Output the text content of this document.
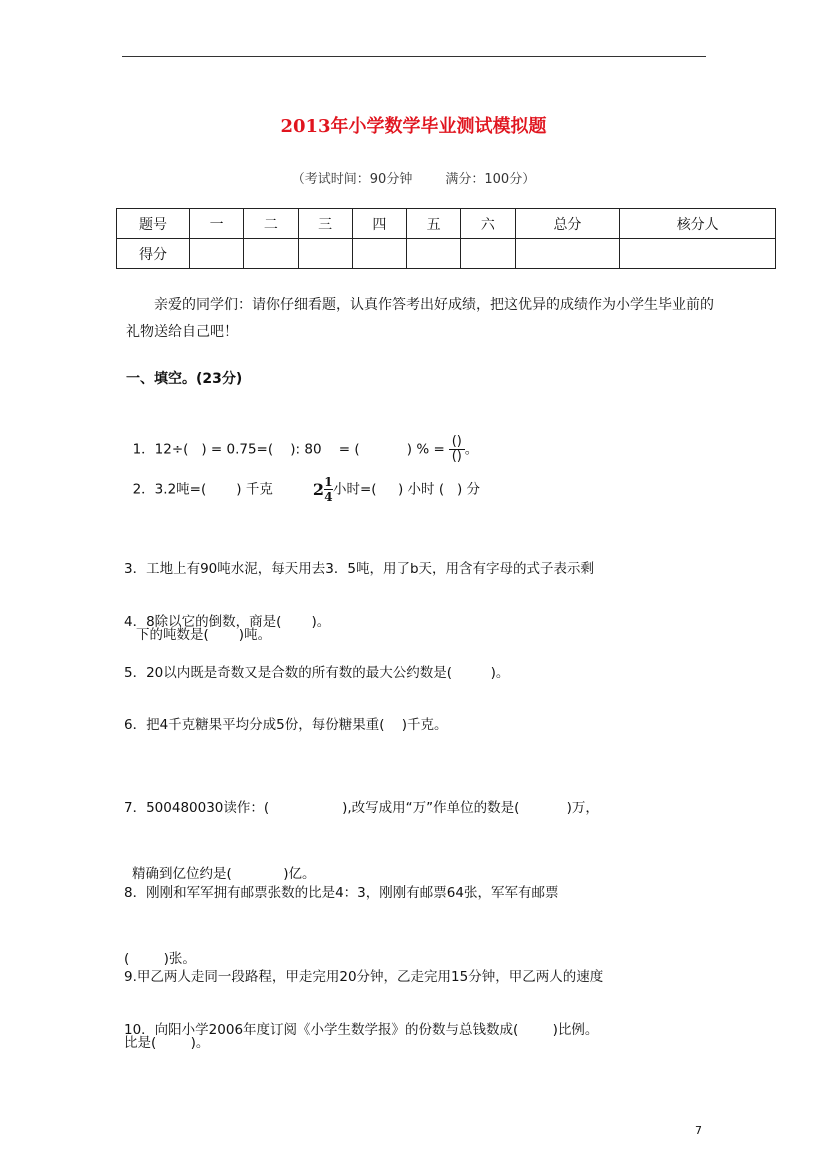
2013年小学数学毕业测试模拟题
（考试时间：90分钟        满分：100分）
题号	一	二	三	四	五	六	总分	核分人
得分								
亲爱的同学们：请你仔细看题，认真作答考出好成绩，把这优异的成绩作为小学生毕业前的礼物送给自己吧！
一、填空。(23分)

1．12÷(   ) = 0.75=(    ): 80    = (           ) % = $\frac{()}{()}$。

2．3.2吨=(       ) 千克	$2\frac{1}{4}$小时=(     ) 小时 (   ) 分

3．工地上有90吨水泥，每天用去3．5吨，用了b天，用含有字母的式子表示剩

下的吨数是(       )吨。

4．8除以它的倒数，商是(       )。
5．20以内既是奇数又是合数的所有数的最大公约数是(         )。
6．把4千克糖果平均分成5份，每份糖果重(    )千克。

7．500480030读作：(                 ),改写成用“万”作单位的数是(           )万，

精确到亿位约是(            )亿。

8．刚刚和军军拥有邮票张数的比是4：3，刚刚有邮票64张，军军有邮票

(        )张。

9.甲乙两人走同一段路程，甲走完用20分钟，乙走完用15分钟，甲乙两人的速度

比是(        )。

10．向阳小学2006年度订阅《小学生数学报》的份数与总钱数成(        )比例。
7
